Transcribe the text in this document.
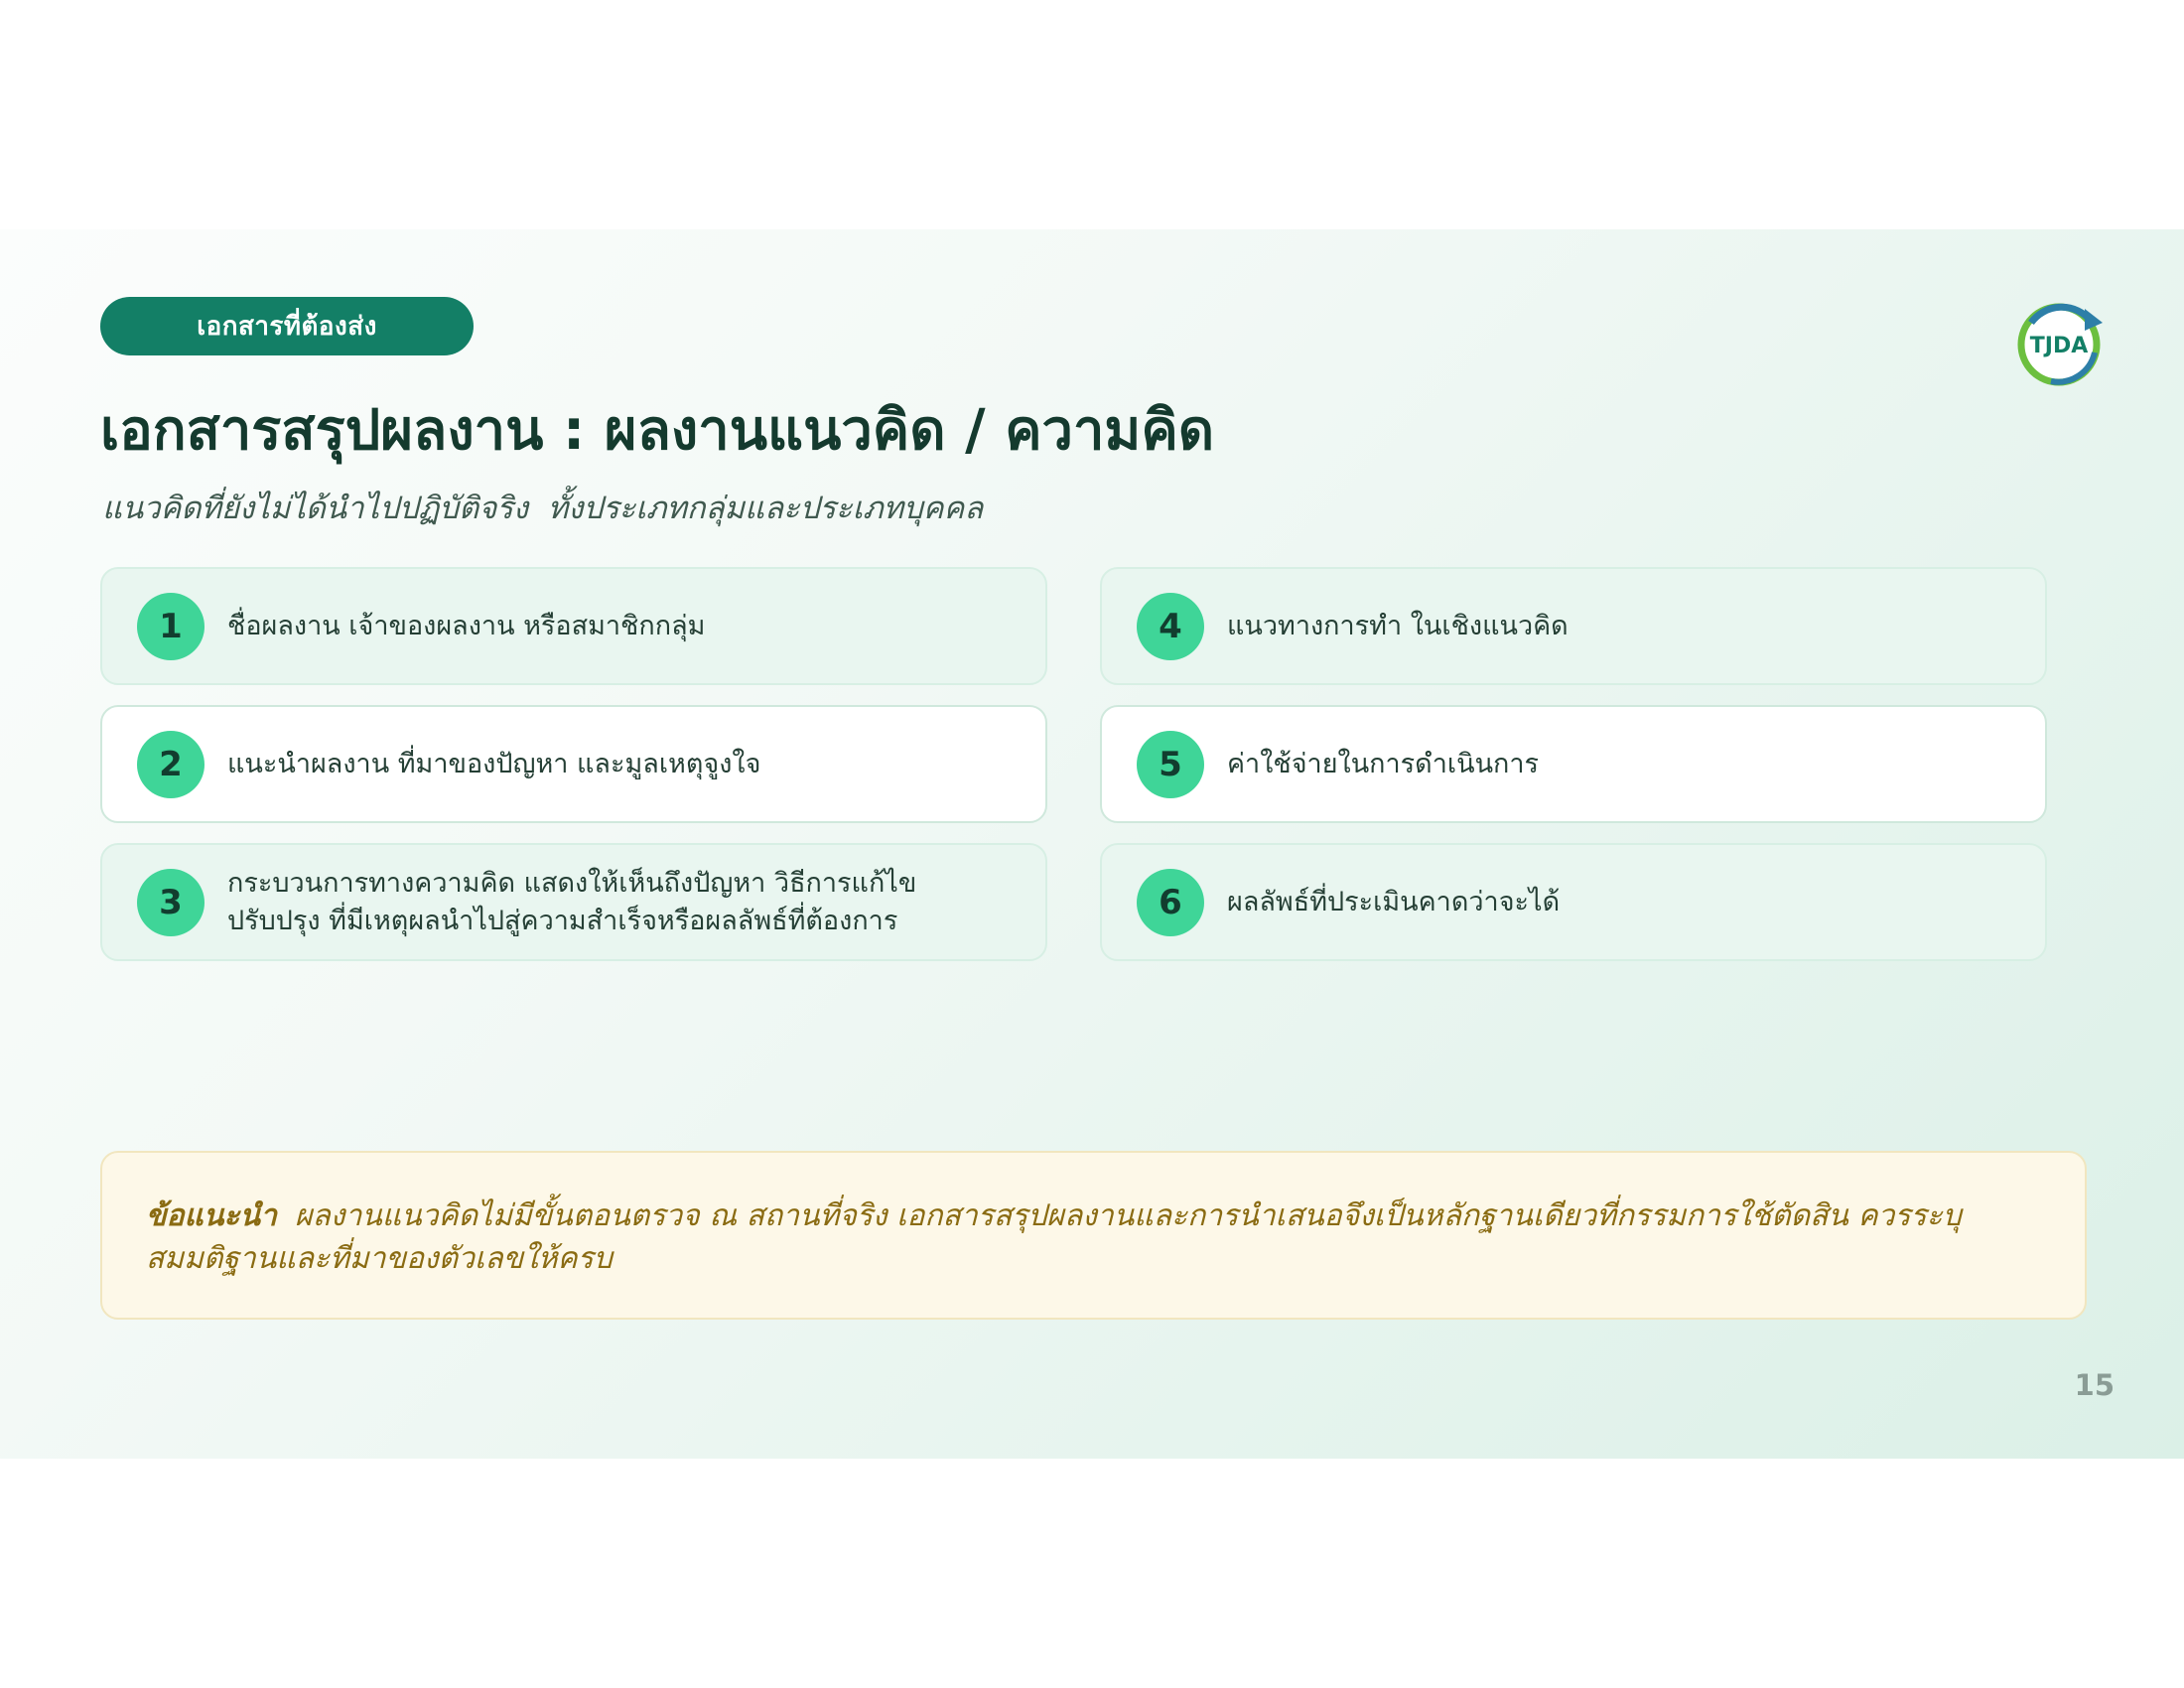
เอกสารที่ต้องส่ง
เอกสารสรุปผลงาน : ผลงานแนวคิด / ความคิด

แนวคิดที่ยังไม่ได้นำไปปฏิบัติจริง  ทั้งประเภทกลุ่มและประเภทบุคคล

TJDA
1	ชื่อผลงาน เจ้าของผลงาน หรือสมาชิกกลุ่ม
2	แนะนำผลงาน ที่มาของปัญหา และมูลเหตุจูงใจ
3	กระบวนการทางความคิด แสดงให้เห็นถึงปัญหา วิธีการแก้ไข ปรับปรุง ที่มีเหตุผลนำไปสู่ความสำเร็จหรือผลลัพธ์ที่ต้องการ
4	แนวทางการทำ ในเชิงแนวคิด
5	ค่าใช้จ่ายในการดำเนินการ
6	ผลลัพธ์ที่ประเมินคาดว่าจะได้
ข้อแนะนำ ผลงานแนวคิดไม่มีขั้นตอนตรวจ ณ สถานที่จริง เอกสารสรุปผลงานและการนำเสนอจึงเป็นหลักฐานเดียวที่กรรมการใช้ตัดสิน ควรระบุสมมติฐานและที่มาของตัวเลขให้ครบ
15
